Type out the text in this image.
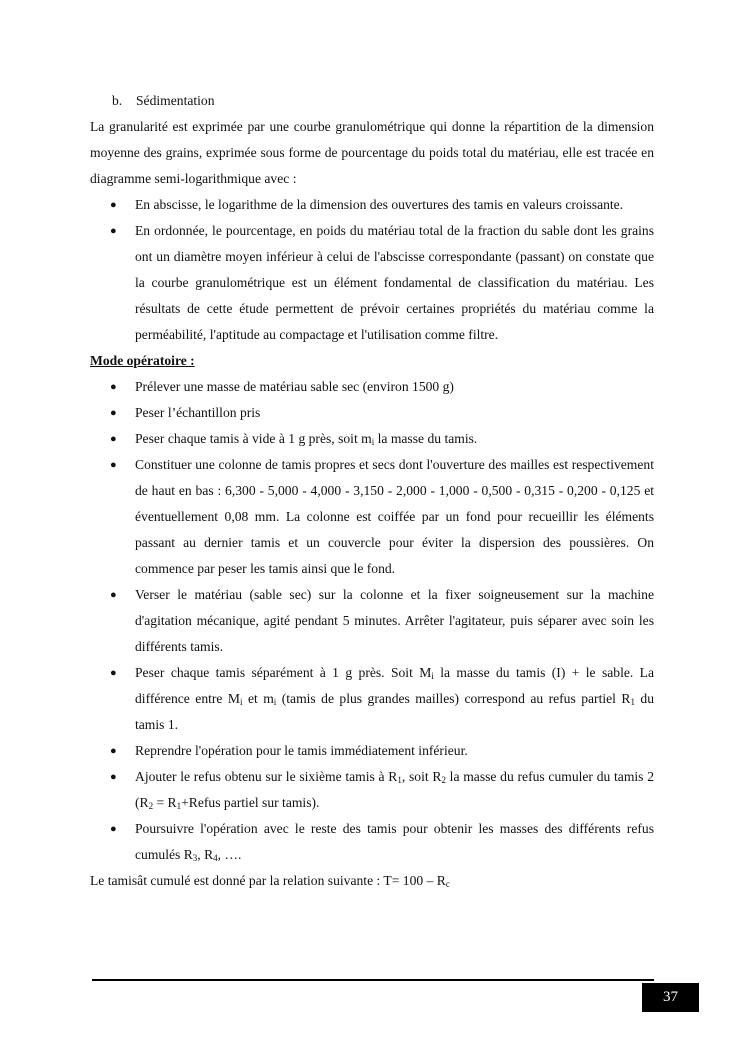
b. Sédimentation
La granularité est exprimée par une courbe granulométrique qui donne la répartition de la dimension moyenne des grains, exprimée sous forme de pourcentage du poids total du matériau, elle est tracée en diagramme semi-logarithmique avec :
● En abscisse, le logarithme de la dimension des ouvertures des tamis en valeurs croissante.
● En ordonnée, le pourcentage, en poids du matériau total de la fraction du sable dont les grains ont un diamètre moyen inférieur à celui de l'abscisse correspondante (passant) on constate que la courbe granulométrique est un élément fondamental de classification du matériau. Les résultats de cette étude permettent de prévoir certaines propriétés du matériau comme la perméabilité, l'aptitude au compactage et l'utilisation comme filtre.
Mode opératoire :
● Prélever une masse de matériau sable sec (environ 1500 g)
● Peser l’échantillon pris
● Peser chaque tamis à vide à 1 g près, soit $m_i$ la masse du tamis.
● Constituer une colonne de tamis propres et secs dont l'ouverture des mailles est respectivement de haut en bas : 6,300 - 5,000 - 4,000 - 3,150 - 2,000 - 1,000 - 0,500 - 0,315 - 0,200 - 0,125 et éventuellement 0,08 mm. La colonne est coiffée par un fond pour recueillir les éléments passant au dernier tamis et un couvercle pour éviter la dispersion des poussières. On commence par peser les tamis ainsi que le fond.
● Verser le matériau (sable sec) sur la colonne et la fixer soigneusement sur la machine d'agitation mécanique, agité pendant 5 minutes. Arrêter l'agitateur, puis séparer avec soin les différents tamis.
● Peser chaque tamis séparément à 1 g près. Soit $M_i$ la masse du tamis (I) + le sable. La différence entre $M_i$ et $m_i$ (tamis de plus grandes mailles) correspond au refus partiel $R_1$ du tamis 1.
● Reprendre l'opération pour le tamis immédiatement inférieur.
● Ajouter le refus obtenu sur le sixième tamis à $R_1$, soit $R_2$ la masse du refus cumuler du tamis 2 ($R_2$ = $R_1+Refus$ partiel sur tamis).
● Poursuivre l'opération avec le reste des tamis pour obtenir les masses des différents refus cumulés $R_3$, $R_4$, ….
Le tamisât cumulé est donné par la relation suivante : $T= 100 - R_c$
37
